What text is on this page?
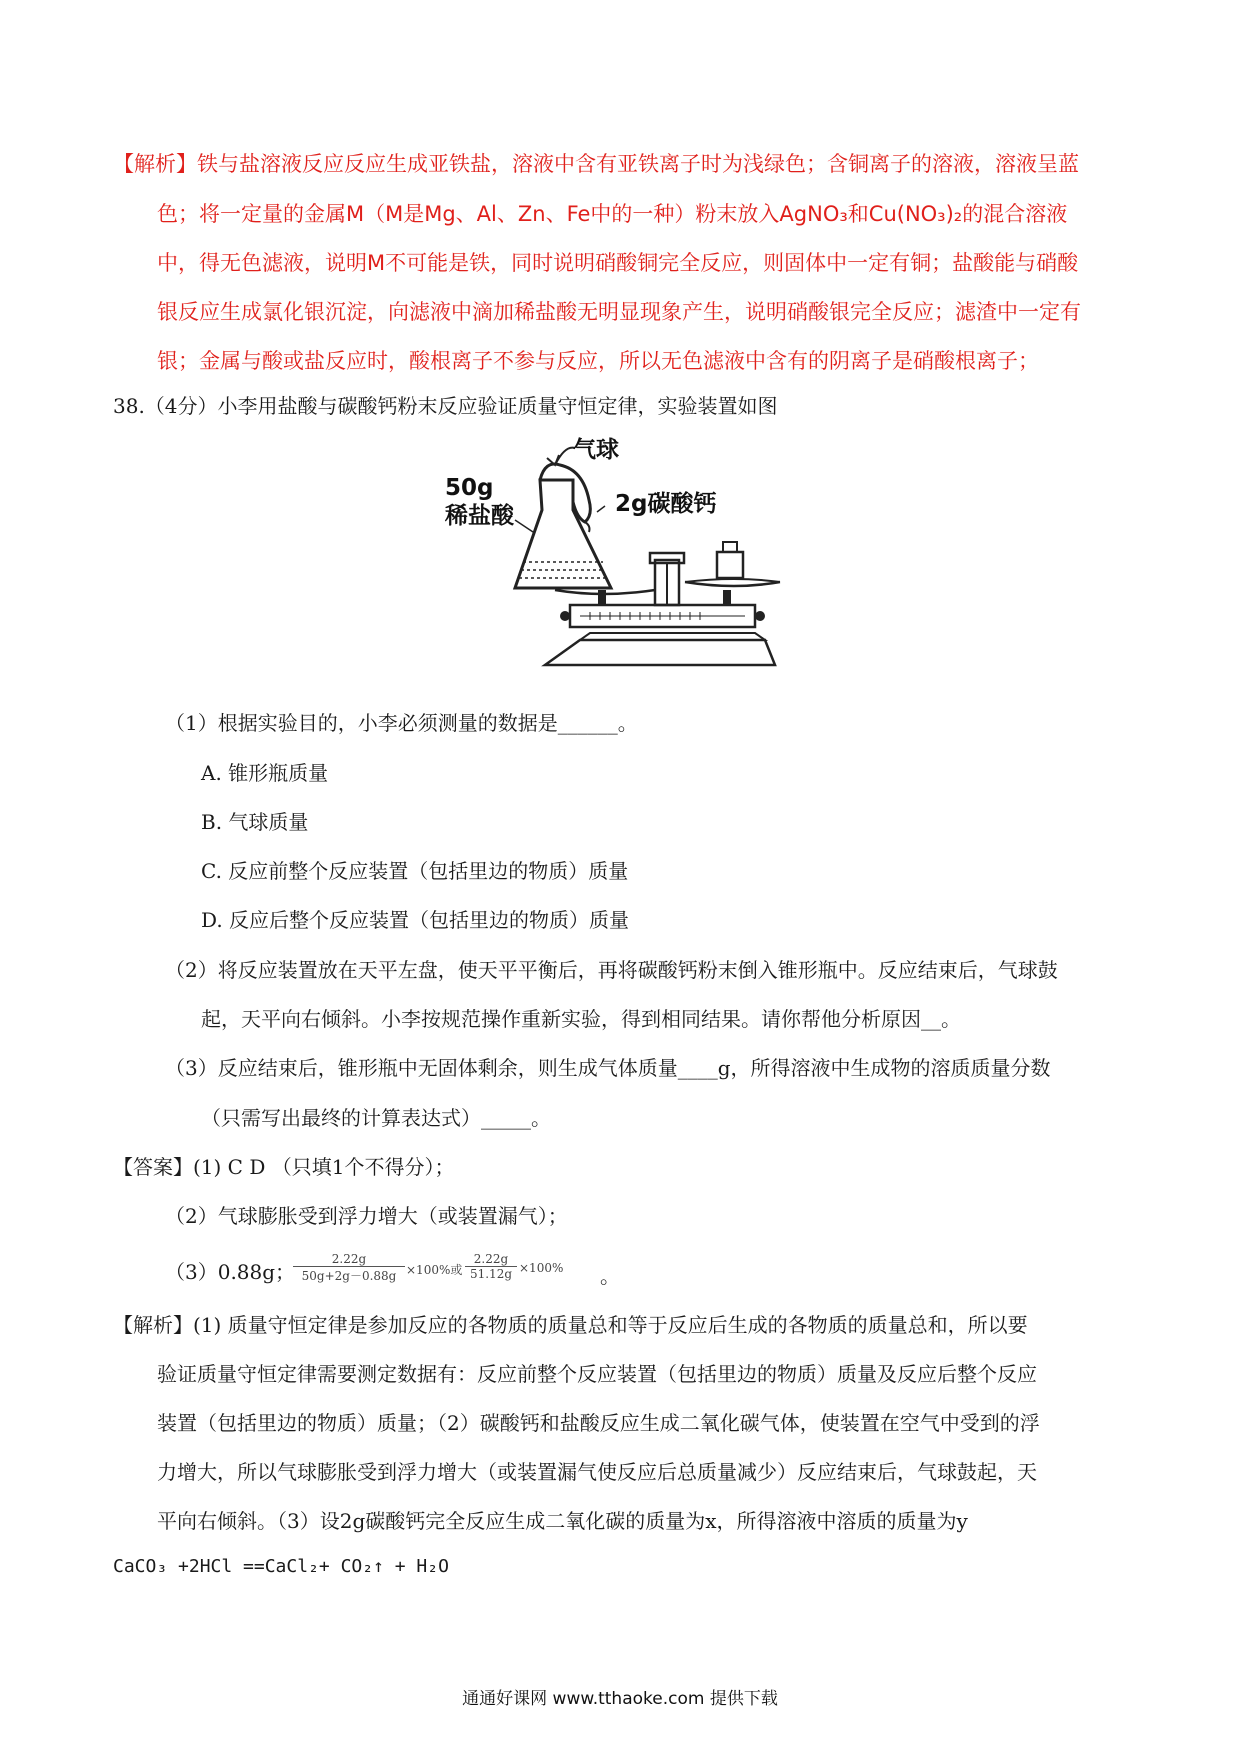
【解析】铁与盐溶液反应反应生成亚铁盐，溶液中含有亚铁离子时为浅绿色；含铜离子的溶液，溶液呈蓝
色；将一定量的金属M（M是Mg、Al、Zn、Fe中的一种）粉末放入AgNO₃和Cu(NO₃)₂的混合溶液
中，得无色滤液，说明M不可能是铁，同时说明硝酸铜完全反应，则固体中一定有铜；盐酸能与硝酸
银反应生成氯化银沉淀，向滤液中滴加稀盐酸无明显现象产生，说明硝酸银完全反应；滤渣中一定有
银；金属与酸或盐反应时，酸根离子不参与反应，所以无色滤液中含有的阴离子是硝酸根离子；
38.（4分）小李用盐酸与碳酸钙粉末反应验证质量守恒定律，实验装置如图
气球
50g
稀盐酸	2g碳酸钙
（1）根据实验目的，小李必须测量的数据是______。
A. 锥形瓶质量
B. 气球质量
C. 反应前整个反应装置（包括里边的物质）质量
D. 反应后整个反应装置（包括里边的物质）质量
（2）将反应装置放在天平左盘，使天平平衡后，再将碳酸钙粉末倒入锥形瓶中。反应结束后，气球鼓
起，天平向右倾斜。小李按规范操作重新实验，得到相同结果。请你帮他分析原因__。
（3）反应结束后，锥形瓶中无固体剩余，则生成气体质量____g，所得溶液中生成物的溶质质量分数
（只需写出最终的计算表达式）_____。
【答案】(1) C D （只填1个不得分）；
（2）气球膨胀受到浮力增大（或装置漏气）；
（3）0.88g；
$\frac{2.22g}{50g+2g-0.88g} \times 100\%$或 $\frac{2.22g}{51.12g} \times 100\%$ 。
【解析】(1) 质量守恒定律是参加反应的各物质的质量总和等于反应后生成的各物质的质量总和，所以要
验证质量守恒定律需要测定数据有：反应前整个反应装置（包括里边的物质）质量及反应后整个反应
装置（包括里边的物质）质量；（2）碳酸钙和盐酸反应生成二氧化碳气体，使装置在空气中受到的浮
力增大，所以气球膨胀受到浮力增大（或装置漏气使反应后总质量减少）反应结束后，气球鼓起，天
平向右倾斜。（3）设2g碳酸钙完全反应生成二氧化碳的质量为x，所得溶液中溶质的质量为y
CaCO₃ +2HCl ==CaCl₂+ CO₂↑ + H₂O
通通好课网 www.tthaoke.com 提供下载
